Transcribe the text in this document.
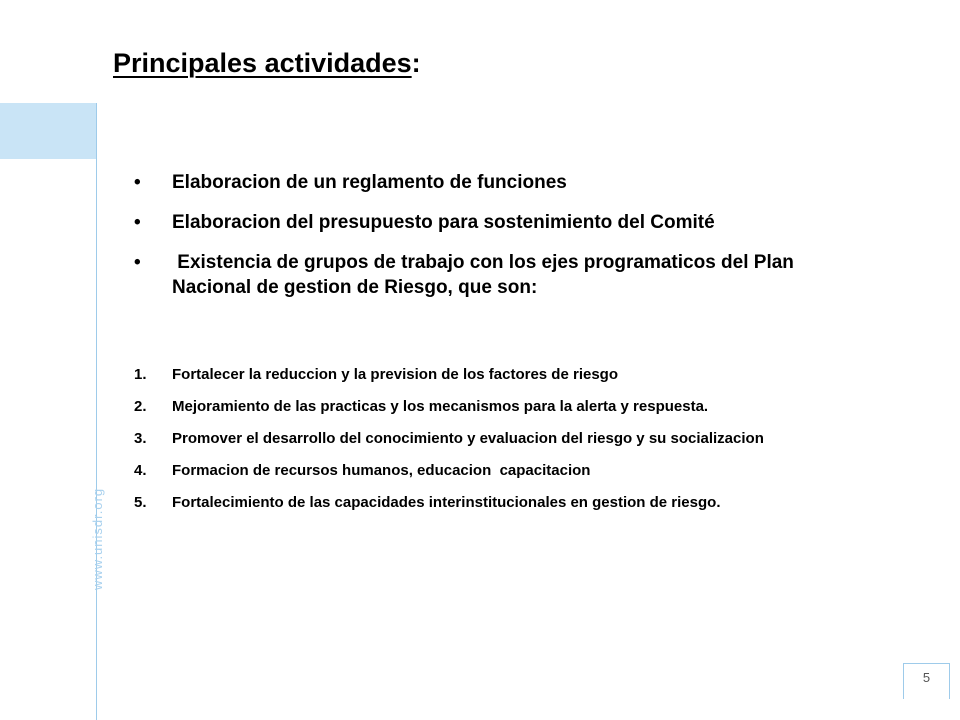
www.unisdr.org
Principales actividades:
• Elaboracion de un reglamento de funciones
• Elaboracion del presupuesto para sostenimiento del Comité
• Existencia de grupos de trabajo con los ejes programaticos del Plan Nacional de gestion de Riesgo, que son:
1. Fortalecer la reduccion y la prevision de los factores de riesgo
2. Mejoramiento de las practicas y los mecanismos para la alerta y respuesta.
3. Promover el desarrollo del conocimiento y evaluacion del riesgo y su socializacion
4. Formacion de recursos humanos, educacion  capacitacion
5. Fortalecimiento de las capacidades interinstitucionales en gestion de riesgo.
5
